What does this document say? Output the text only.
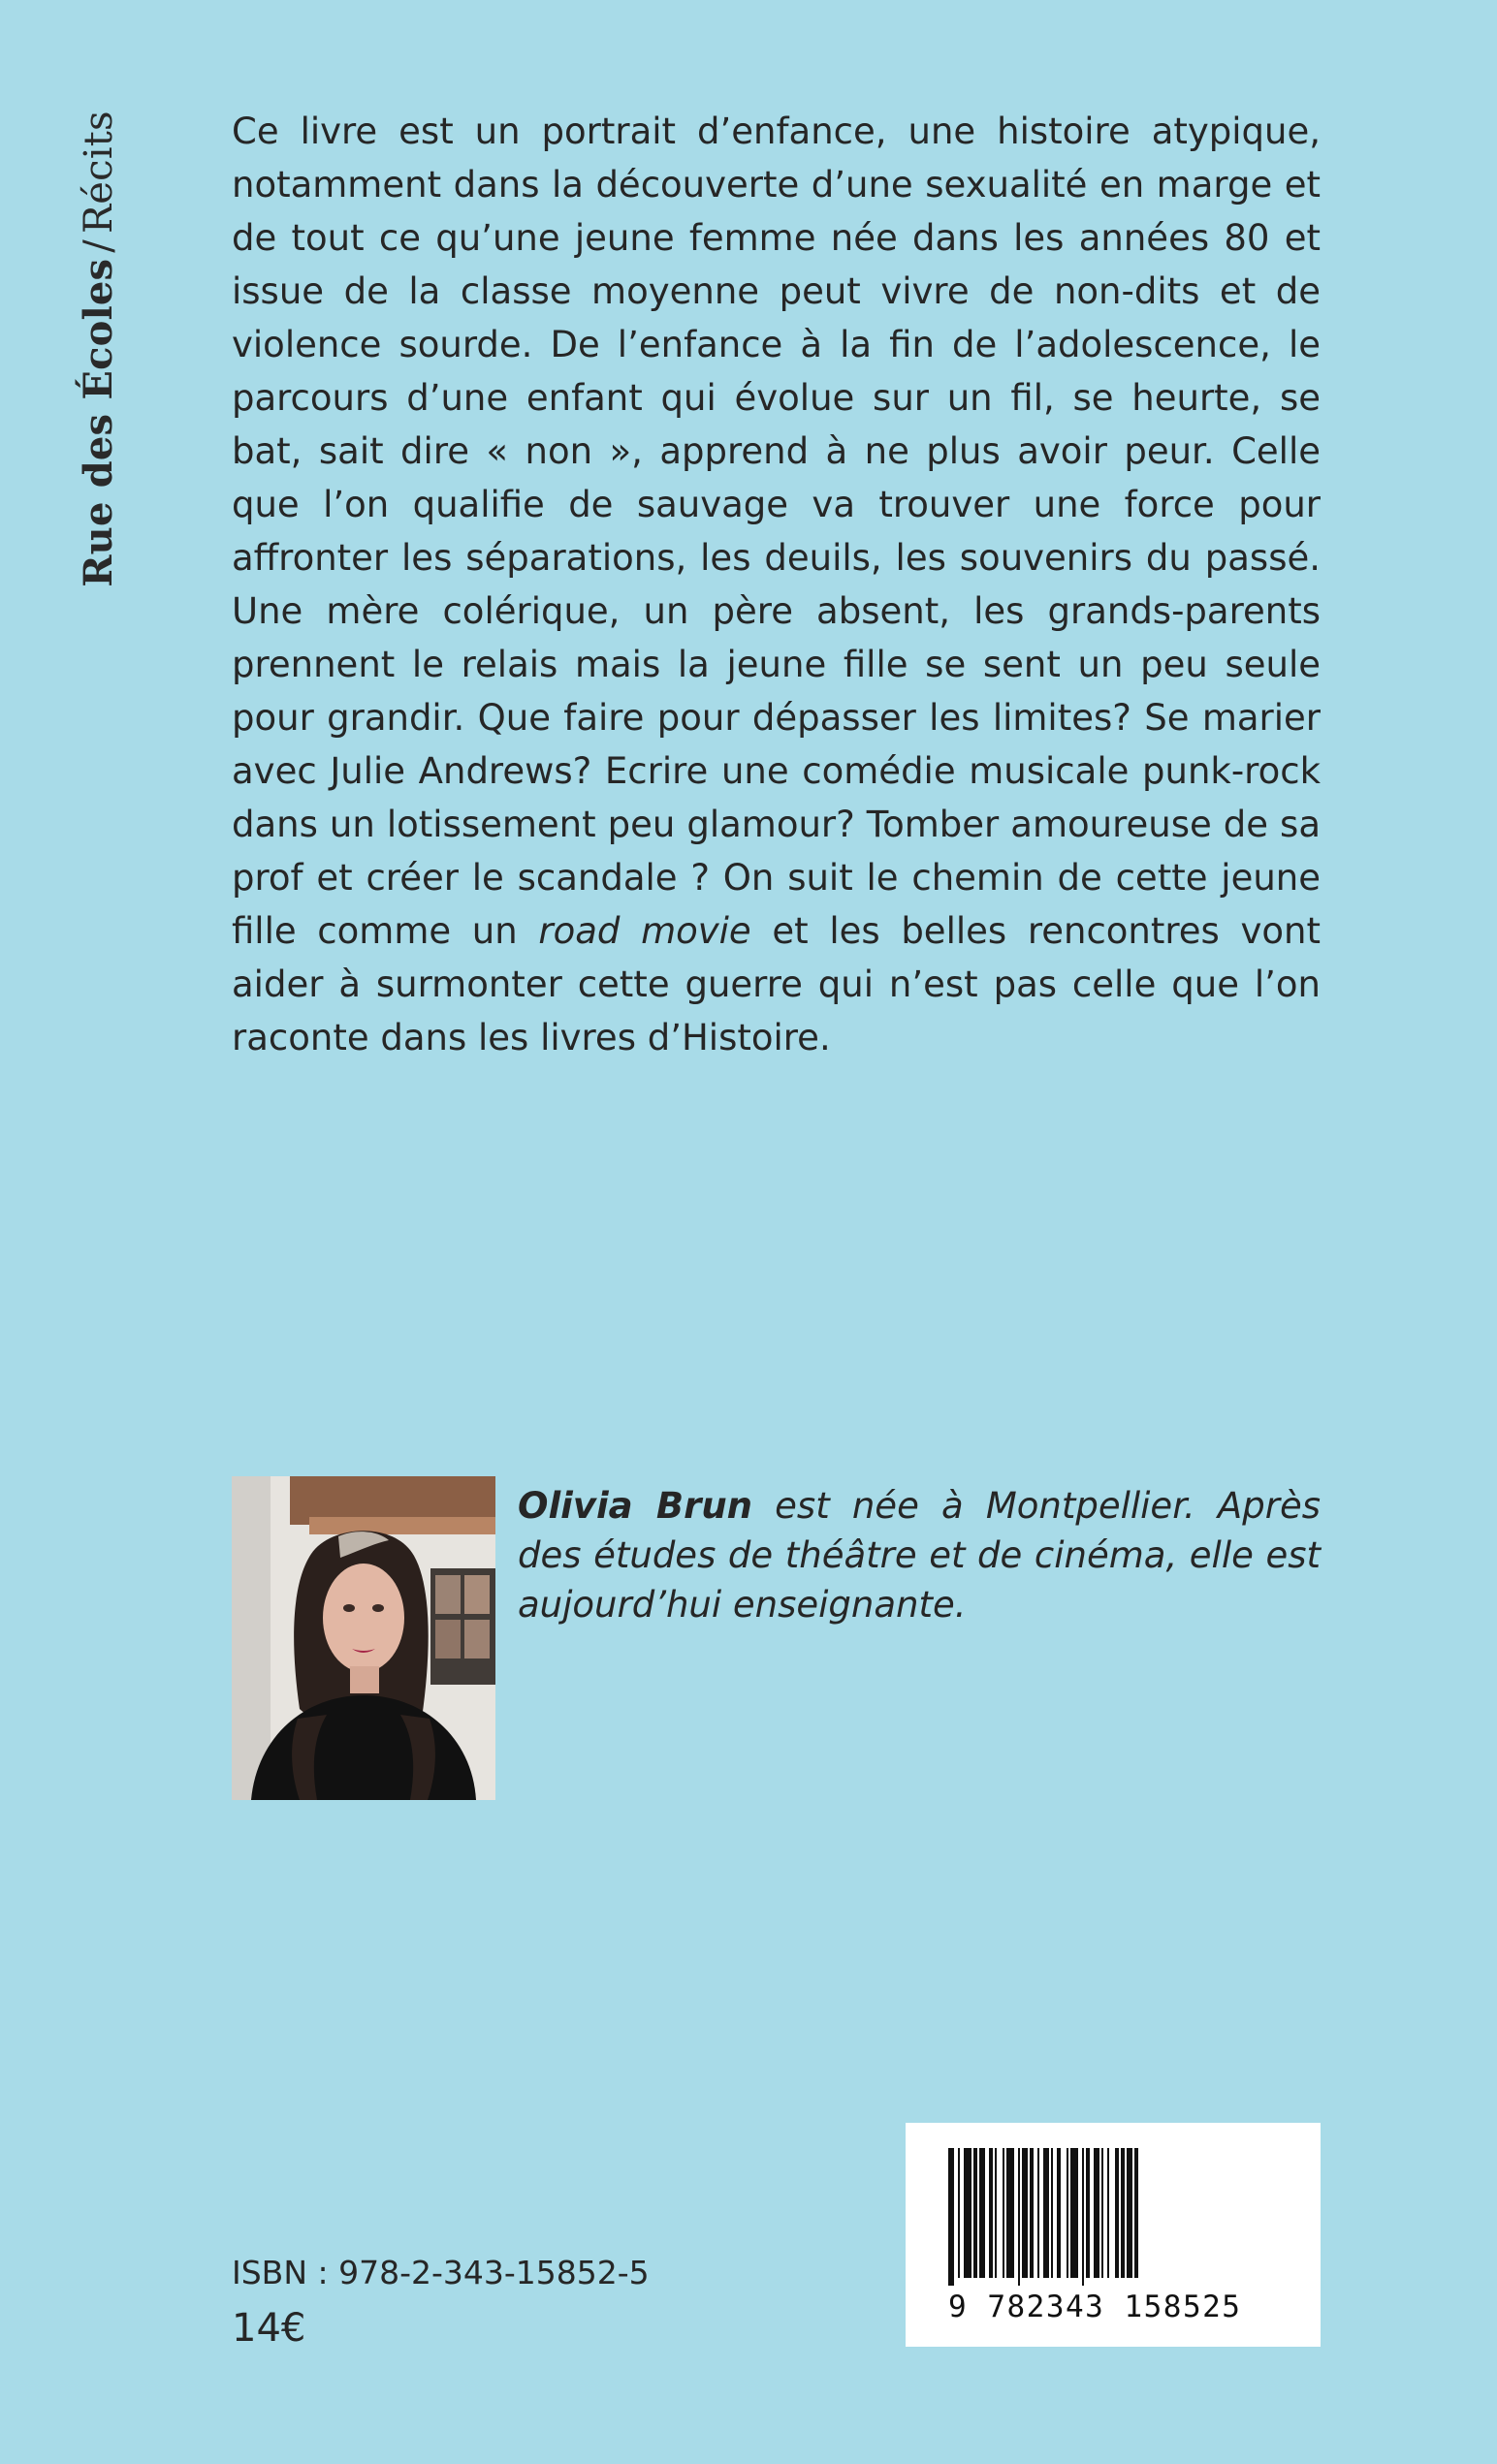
Rue des Écoles/Récits	Ce livre est un portrait d’enfance, une histoire atypique, notamment dans la découverte d’une sexualité en marge et de tout ce qu’une jeune femme née dans les années 80 et issue de la classe moyenne peut vivre de non-dits et de violence sourde. De l’enfance à la fin de l’adolescence, le parcours d’une enfant qui évolue sur un fil, se heurte, se bat, sait dire « non », apprend à ne plus avoir peur. Celle que l’on qualifie de sauvage va trouver une force pour affronter les séparations, les deuils, les souvenirs du passé. Une mère colérique, un père absent, les grands-parents prennent le relais mais la jeune fille se sent un peu seule pour grandir. Que faire pour dépasser les limites? Se marier avec Julie Andrews? Ecrire une comédie musicale punk-rock dans un lotissement peu glamour? Tomber amoureuse de sa prof et créer le scandale ? On suit le chemin de cette jeune fille comme un road movie et les belles rencontres vont aider à surmonter cette guerre qui n’est pas celle que l’on raconte dans les livres d’Histoire.
Olivia Brun est née à Montpellier. Après des études de théâtre et de cinéma, elle est aujourd’hui enseignante.
ISBN : 978-2-343-15852-5
14€	9 782343 158525
